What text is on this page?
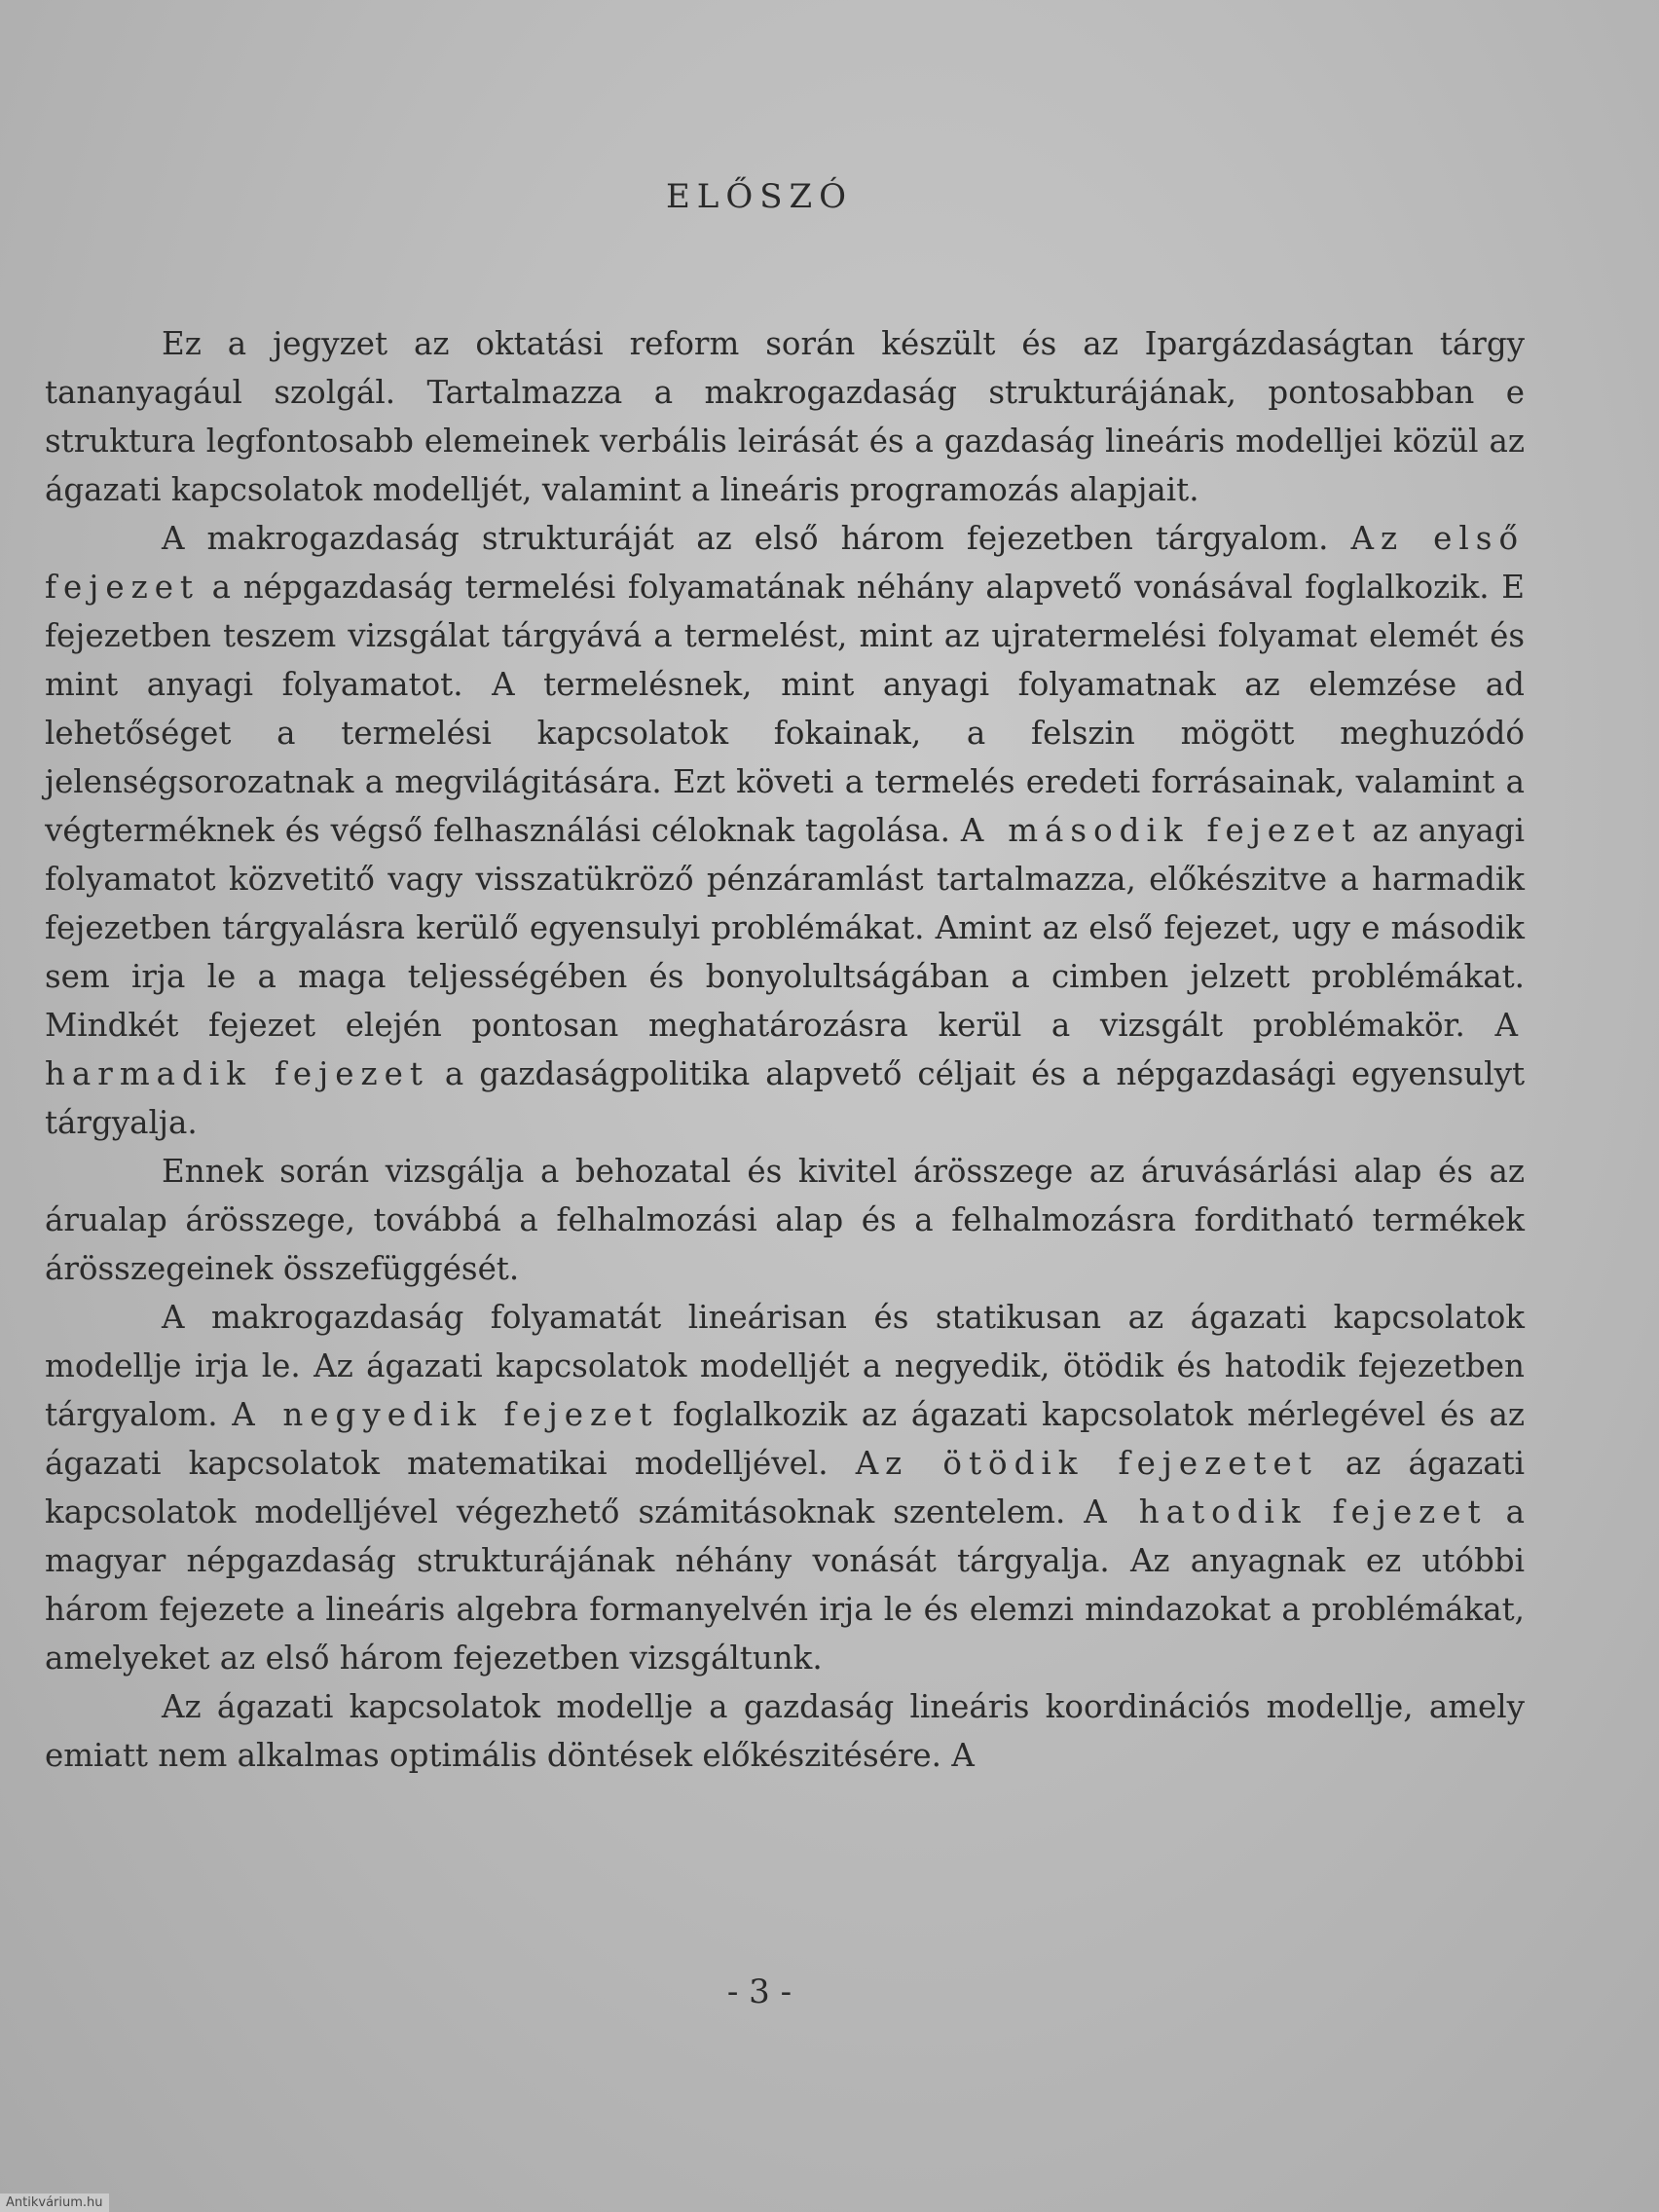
ELŐSZÓ

Ez a jegyzet az oktatási reform során készült és az Ipargázdaságtan tárgy tananyagául szolgál. Tartalmazza a makrogazdaság strukturájának, pontosabban e struktura legfontosabb elemeinek verbális leirását és a gazdaság lineáris modelljei közül az ágazati kapcsolatok modelljét, valamint a lineáris programozás alapjait.

A makrogazdaság strukturáját az első három fejezetben tárgyalom. Az első fejezet a népgazdaság termelési folyamatának néhány alapvető vonásával foglalkozik. E fejezetben teszem vizsgálat tárgyává a termelést, mint az ujratermelési folyamat elemét és mint anyagi folyamatot. A termelésnek, mint anyagi folyamatnak az elemzése ad lehetőséget a termelési kapcsolatok fokainak, a felszin mögött meghuzódó jelenségsorozatnak a megvilágitására. Ezt követi a termelés eredeti forrásainak, valamint a végterméknek és végső felhasználási céloknak tagolása. A második fejezet az anyagi folyamatot közvetitő vagy visszatükröző pénzáramlást tartalmazza, előkészitve a harmadik fejezetben tárgyalásra kerülő egyensulyi problémákat. Amint az első fejezet, ugy e második sem irja le a maga teljességében és bonyolultságában a cimben jelzett problémákat. Mindkét fejezet elején pontosan meghatározásra kerül a vizsgált problémakör. A harmadik fejezet a gazdaságpolitika alapvető céljait és a népgazdasági egyensulyt tárgyalja.

Ennek során vizsgálja a behozatal és kivitel árösszege az áruvásárlási alap és az árualap árösszege, továbbá a felhalmozási alap és a felhalmozásra forditható termékek árösszegeinek összefüggését.

A makrogazdaság folyamatát lineárisan és statikusan az ágazati kapcsolatok modellje irja le. Az ágazati kapcsolatok modelljét a negyedik, ötödik és hatodik fejezetben tárgyalom. A negyedik fejezet foglalkozik az ágazati kapcsolatok mérlegével és az ágazati kapcsolatok matematikai modelljével. Az ötödik fejezetet az ágazati kapcsolatok modelljével végezhető számitásoknak szentelem. A hatodik fejezet a magyar népgazdaság strukturájának néhány vonását tárgyalja. Az anyagnak ez utóbbi három fejezete a lineáris algebra formanyelvén irja le és elemzi mindazokat a problémákat, amelyeket az első három fejezetben vizsgáltunk.

Az ágazati kapcsolatok modellje a gazdaság lineáris koordinációs modellje, amely emiatt nem alkalmas optimális döntések előkészitésére. A

- 3 -
Antikvárium.hu
